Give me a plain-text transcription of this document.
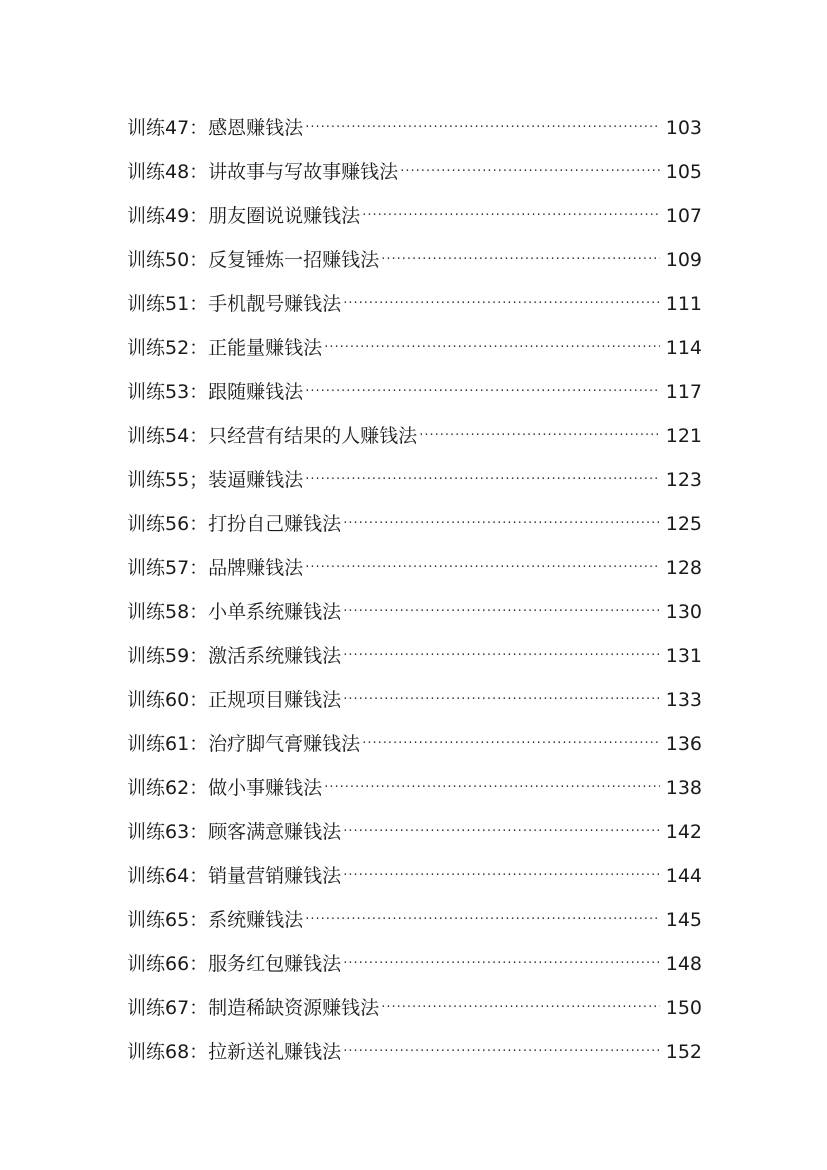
训练47：感恩赚钱法 ·····	103
训练48：讲故事与写故事赚钱法 ·····	105
训练49：朋友圈说说赚钱法 ·····	107
训练50：反复锤炼一招赚钱法 ·····	109
训练51：手机靓号赚钱法 ·····	111
训练52：正能量赚钱法 ·····	114
训练53：跟随赚钱法 ·····	117
训练54：只经营有结果的人赚钱法 ·····	121
训练55；装逼赚钱法 ·····	123
训练56：打扮自己赚钱法 ·····	125
训练57：品牌赚钱法 ·····	128
训练58：小单系统赚钱法 ·····	130
训练59：激活系统赚钱法 ·····	131
训练60：正规项目赚钱法 ·····	133
训练61：治疗脚气膏赚钱法 ·····	136
训练62：做小事赚钱法 ·····	138
训练63：顾客满意赚钱法 ·····	142
训练64：销量营销赚钱法 ·····	144
训练65：系统赚钱法 ·····	145
训练66：服务红包赚钱法 ·····	148
训练67：制造稀缺资源赚钱法 ·····	150
训练68：拉新送礼赚钱法 ·····	152
